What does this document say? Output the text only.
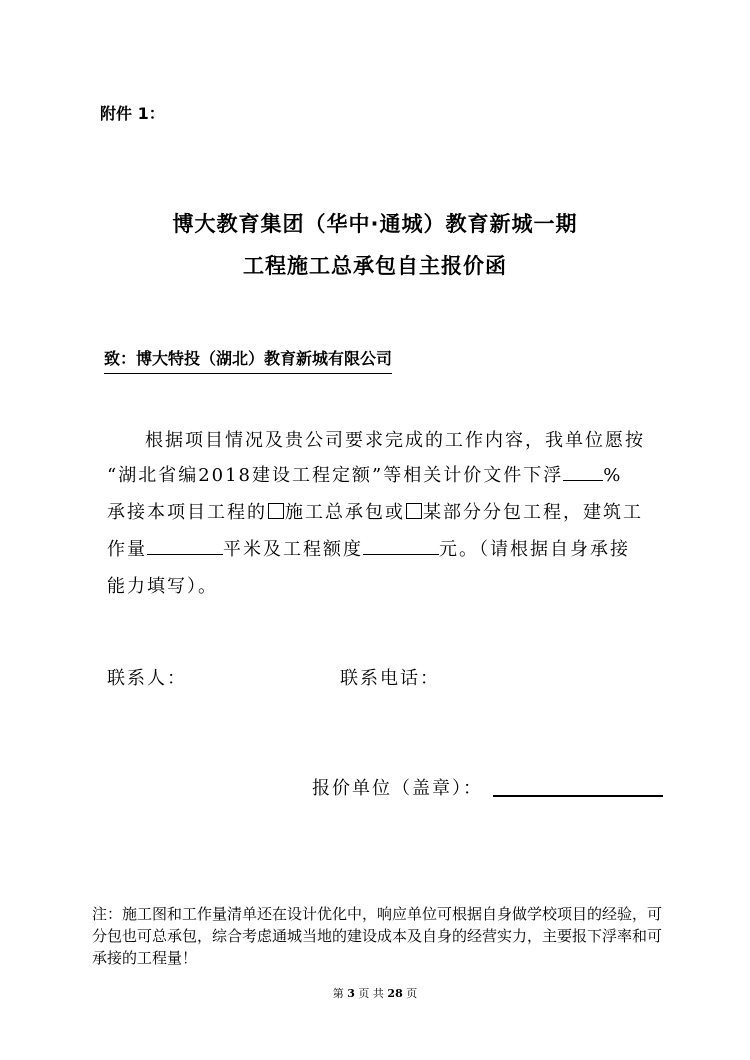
附件 1：
博大教育集团（华中·通城）教育新城一期
工程施工总承包自主报价函
致：博大特投（湖北）教育新城有限公司
根据项目情况及贵公司要求完成的工作内容，我单位愿按
“湖北省编2018建设工程定额”等相关计价文件下浮 %
承接本项目工程的 施工总承包或 某部分分包工程，建筑工
作量	平米及工程额度	元。（请根据自身承接
能力填写）。
联系人：	联系电话：
报价单位（盖章）：
注：施工图和工作量清单还在设计优化中，响应单位可根据自身做学校项目的经验，可分包也可总承包，综合考虑通城当地的建设成本及自身的经营实力，主要报下浮率和可承接的工程量！
第 3 页 共 28 页
